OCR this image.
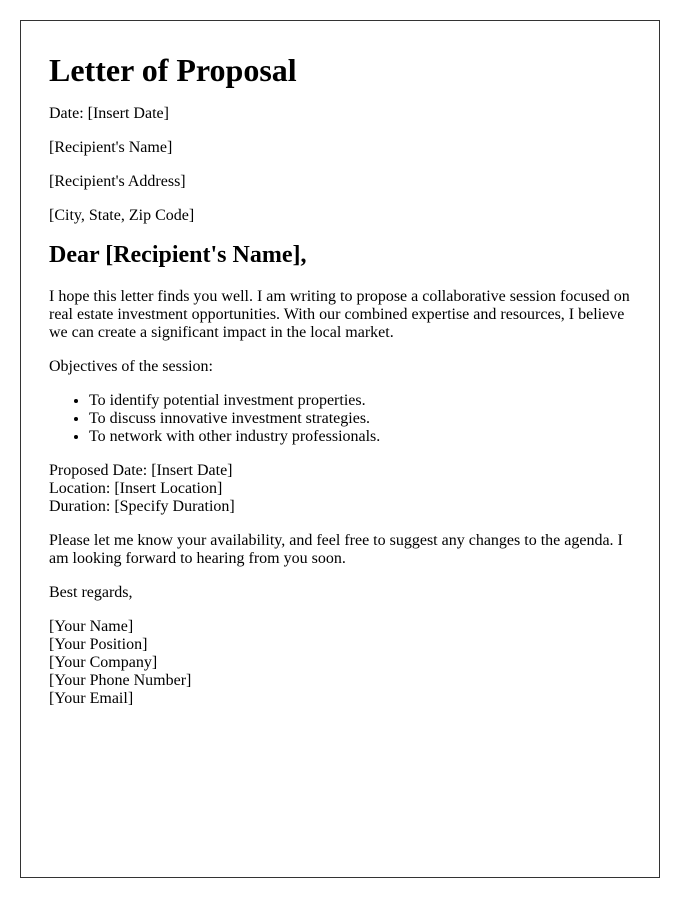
Letter of Proposal

Date: [Insert Date]

[Recipient's Name]

[Recipient's Address]

[City, State, Zip Code]

Dear [Recipient's Name],

I hope this letter finds you well. I am writing to propose a collaborative session focused on real estate investment opportunities. With our combined expertise and resources, I believe we can create a significant impact in the local market.

Objectives of the session:

• To identify potential investment properties.
• To discuss innovative investment strategies.
• To network with other industry professionals.

Proposed Date: [Insert Date]

Location: [Insert Location]

Duration: [Specify Duration]

Please let me know your availability, and feel free to suggest any changes to the agenda. I am looking forward to hearing from you soon.

Best regards,

[Your Name]

[Your Position]

[Your Company]

[Your Phone Number]

[Your Email]
